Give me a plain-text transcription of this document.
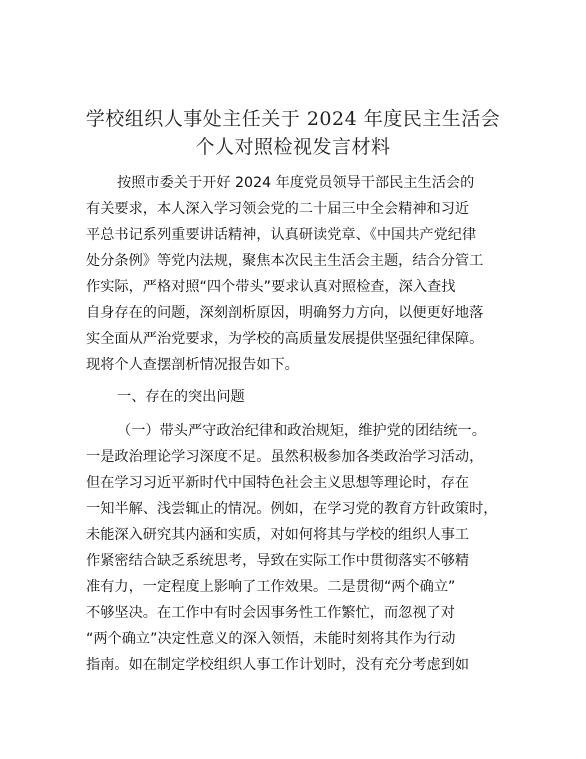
学校组织人事处主任关于 2024 年度民主生活会
个人对照检视发言材料
按照市委关于开好 2024 年度党员领导干部民主生活会的
有关要求，本人深入学习领会党的二十届三中全会精神和习近
平总书记系列重要讲话精神，认真研读党章、《中国共产党纪律
处分条例》等党内法规，聚焦本次民主生活会主题，结合分管工
作实际，严格对照“四个带头”要求认真对照检查，深入查找
自身存在的问题，深刻剖析原因，明确努力方向，以便更好地落
实全面从严治党要求，为学校的高质量发展提供坚强纪律保障。
现将个人查摆剖析情况报告如下。
一、存在的突出问题
（一）带头严守政治纪律和政治规矩，维护党的团结统一。
一是政治理论学习深度不足。虽然积极参加各类政治学习活动，
但在学习习近平新时代中国特色社会主义思想等理论时，存在
一知半解、浅尝辄止的情况。例如，在学习党的教育方针政策时，
未能深入研究其内涵和实质，对如何将其与学校的组织人事工
作紧密结合缺乏系统思考，导致在实际工作中贯彻落实不够精
准有力，一定程度上影响了工作效果。二是贯彻“两个确立”
不够坚决。在工作中有时会因事务性工作繁忙，而忽视了对
“两个确立”决定性意义的深入领悟，未能时刻将其作为行动
指南。如在制定学校组织人事工作计划时，没有充分考虑到如
